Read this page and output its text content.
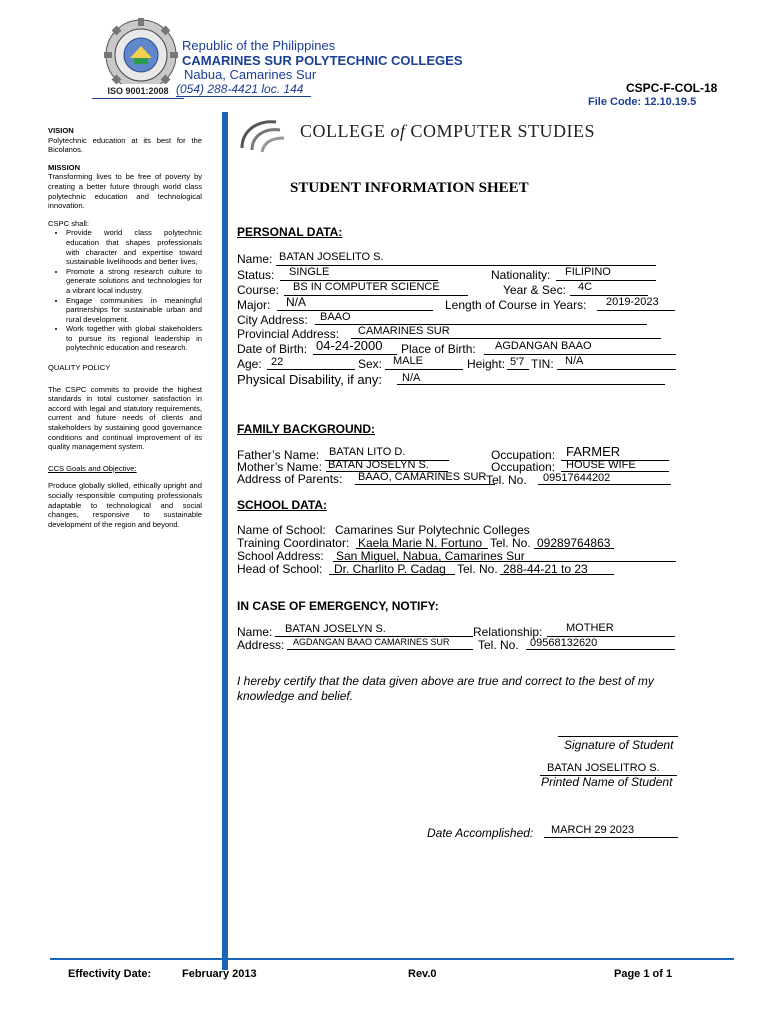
ISO 9001:2008
Republic of the Philippines
CAMARINES SUR POLYTECHNIC COLLEGES
Nabua, Camarines Sur
(054) 288-4421 loc. 144	CSPC-F-COL-18
File Code: 12.10.19.5

VISION

Polytechnic education at its best for the Bicolanos.

MISSION

Transforming lives to be free of poverty by creating a better future through world class polytechnic education and technological innovation.

CSPC shall:

• Provide world class polytechnic education that shapes professionals with character and expertise toward sustainable livelihoods and better lives,
• Promote a strong research culture to generate solutions and technologies for a vibrant local industry.
• Engage communities in meaningful partnerships for sustainable urban and rural development.
• Work together with global stakeholders to pursue its regional leadership in polytechnic education and research.

QUALITY POLICY

The CSPC commits to provide the highest standards in total customer satisfaction in accord with legal and statutory requirements, current and future needs of clients and stakeholders by sustaining good governance conditions and continual improvement of its quality management system.

CCS Goals and Objective:

Produce globally skilled, ethically upright and socially responsible computing professionals adaptable to technological and social changes, responsive to sustainable development of the region and beyond.

COLLEGE of COMPUTER STUDIES
STUDENT INFORMATION SHEET
PERSONAL DATA:
Name: BATAN JOSELITO S.
Status: SINGLE	Nationality: FILIPINO
Course: BS IN COMPUTER SCIENCE	Year & Sec: 4C
Major: N/A	Length of Course in Years: 2019-2023
City Address: BAAO
Provincial Address: CAMARINES SUR
Date of Birth: 04-24-2000 Place of Birth: AGDANGAN BAAO
Age: 22	Sex: MALE	Height: 5'7 TIN: N/A
Physical Disability, if any: N/A
FAMILY BACKGROUND:
Father’s Name: BATAN LITO D.	Occupation: FARMER
Mother’s Name: BATAN JOSELYN S.	Occupation: HOUSE WIFE
Address of Parents: BAAO, CAMARINES SUR Tel. No. 09517644202
SCHOOL DATA:
Name of School: Camarines Sur Polytechnic Colleges
Training Coordinator: Kaela Marie N. Fortuno Tel. No. 09289764863
School Address: San Miguel, Nabua, Camarines Sur
Head of School: Dr. Charlito P. Cadag Tel. No. 288-44-21 to 23
IN CASE OF EMERGENCY, NOTIFY:
Name: BATAN JOSELYN S.	Relationship: MOTHER
Address: AGDANGAN BAAO CAMARINES SUR Tel. No. 09568132620
I hereby certify that the data given above are true and correct to the best of my knowledge and belief.
Signature of Student
BATAN JOSELITRO S.
Printed Name of Student
Date Accomplished: MARCH 29 2023
Effectivity Date:	February 2013	Rev.0	Page 1 of 1
